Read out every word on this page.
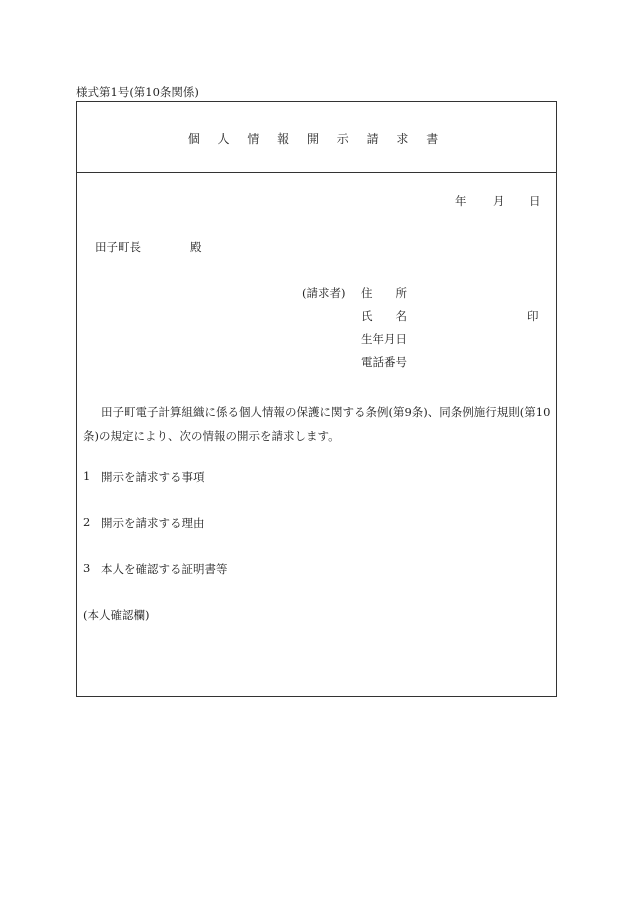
様式第1号(第10条関係)
個 人 情 報 開 示 請 求 書
年 月 日
田子町長	殿
(請求者) 住　　所
氏　　名	印
生年月日
電話番号
田子町電子計算組織に係る個人情報の保護に関する条例(第9条)、同条例施行規則(第10条)の規定により、次の情報の開示を請求します。
1 開示を請求する事項
2 開示を請求する理由
3 本人を確認する証明書等
(本人確認欄)
